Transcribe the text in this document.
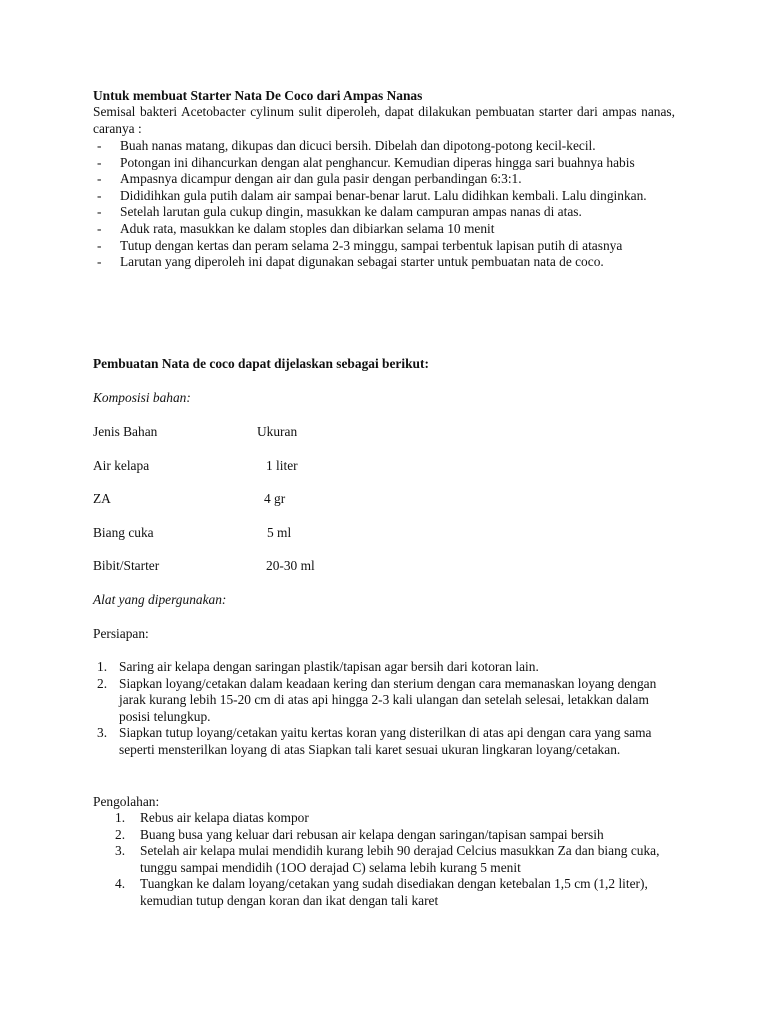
Untuk membuat Starter Nata De Coco dari Ampas Nanas
Semisal bakteri Acetobacter cylinum sulit diperoleh, dapat dilakukan pembuatan starter dari ampas nanas, caranya :
- Buah nanas matang, dikupas dan dicuci bersih. Dibelah dan dipotong-potong kecil-kecil.
- Potongan ini dihancurkan dengan alat penghancur. Kemudian diperas hingga sari buahnya habis
- Ampasnya dicampur dengan air dan gula pasir dengan perbandingan 6:3:1.
- Dididihkan gula putih dalam air sampai benar-benar larut. Lalu didihkan kembali. Lalu dinginkan.
- Setelah larutan gula cukup dingin, masukkan ke dalam campuran ampas nanas di atas.
- Aduk rata, masukkan ke dalam stoples dan dibiarkan selama 10 menit
- Tutup dengan kertas dan peram selama 2-3 minggu, sampai terbentuk lapisan putih di atasnya
- Larutan yang diperoleh ini dapat digunakan sebagai starter untuk pembuatan nata de coco.
Pembuatan Nata de coco dapat dijelaskan sebagai berikut:
Komposisi bahan:
Jenis Bahan	Ukuran
Air kelapa	1 liter
ZA	4 gr
Biang cuka	5 ml
Bibit/Starter	20-30 ml
Alat yang dipergunakan:
Persiapan:
1. Saring air kelapa dengan saringan plastik/tapisan agar bersih dari kotoran lain.
2. Siapkan loyang/cetakan dalam keadaan kering dan sterium dengan cara memanaskan loyang dengan jarak kurang lebih 15-20 cm di atas api hingga 2-3 kali ulangan dan setelah selesai, letakkan dalam posisi telungkup.
3. Siapkan tutup loyang/cetakan yaitu kertas koran yang disterilkan di atas api dengan cara yang sama seperti mensterilkan loyang di atas Siapkan tali karet sesuai ukuran lingkaran loyang/cetakan.
Pengolahan:
1. Rebus air kelapa diatas kompor
2. Buang busa yang keluar dari rebusan air kelapa dengan saringan/tapisan sampai bersih
3. Setelah air kelapa mulai mendidih kurang lebih 90 derajad Celcius masukkan Za dan biang cuka, tunggu sampai mendidih (1OO derajad C) selama lebih kurang 5 menit
4. Tuangkan ke dalam loyang/cetakan yang sudah disediakan dengan ketebalan 1,5 cm (1,2 liter), kemudian tutup dengan koran dan ikat dengan tali karet
